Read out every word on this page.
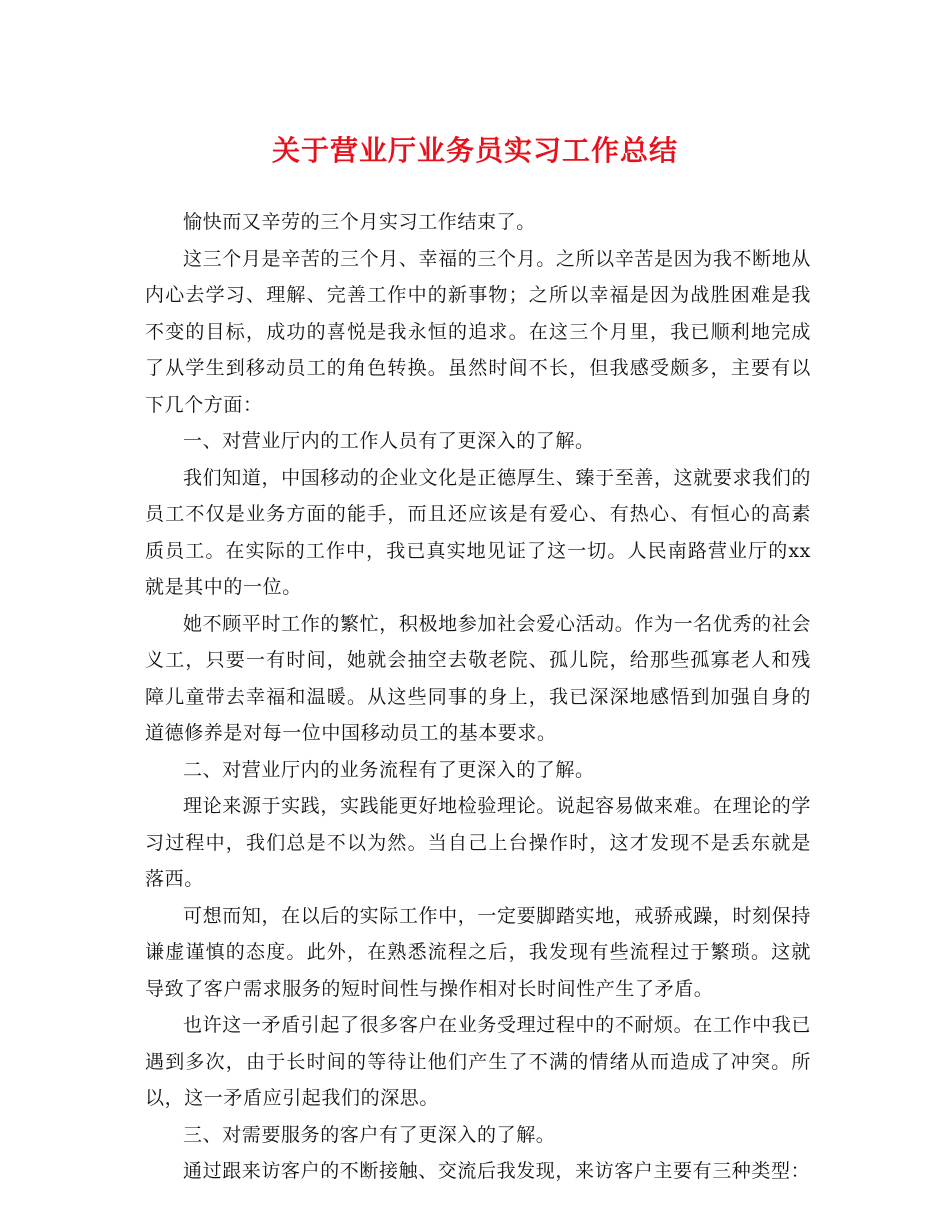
关于营业厅业务员实习工作总结

愉快而又辛劳的三个月实习工作结束了。

这三个月是辛苦的三个月、幸福的三个月。之所以辛苦是因为我不断地从内心去学习、理解、完善工作中的新事物；之所以幸福是因为战胜困难是我不变的目标，成功的喜悦是我永恒的追求。在这三个月里，我已顺利地完成了从学生到移动员工的角色转换。虽然时间不长，但我感受颇多，主要有以下几个方面：

一、对营业厅内的工作人员有了更深入的了解。

我们知道，中国移动的企业文化是正德厚生、臻于至善，这就要求我们的员工不仅是业务方面的能手，而且还应该是有爱心、有热心、有恒心的高素质员工。在实际的工作中，我已真实地见证了这一切。人民南路营业厅的xx就是其中的一位。

她不顾平时工作的繁忙，积极地参加社会爱心活动。作为一名优秀的社会义工，只要一有时间，她就会抽空去敬老院、孤儿院，给那些孤寡老人和残障儿童带去幸福和温暖。从这些同事的身上，我已深深地感悟到加强自身的道德修养是对每一位中国移动员工的基本要求。

二、对营业厅内的业务流程有了更深入的了解。

理论来源于实践，实践能更好地检验理论。说起容易做来难。在理论的学习过程中，我们总是不以为然。当自己上台操作时，这才发现不是丢东就是落西。

可想而知，在以后的实际工作中，一定要脚踏实地，戒骄戒躁，时刻保持谦虚谨慎的态度。此外，在熟悉流程之后，我发现有些流程过于繁琐。这就导致了客户需求服务的短时间性与操作相对长时间性产生了矛盾。

也许这一矛盾引起了很多客户在业务受理过程中的不耐烦。在工作中我已遇到多次，由于长时间的等待让他们产生了不满的情绪从而造成了冲突。所以，这一矛盾应引起我们的深思。

三、对需要服务的客户有了更深入的了解。

通过跟来访客户的不断接触、交流后我发现，来访客户主要有三种类型：
